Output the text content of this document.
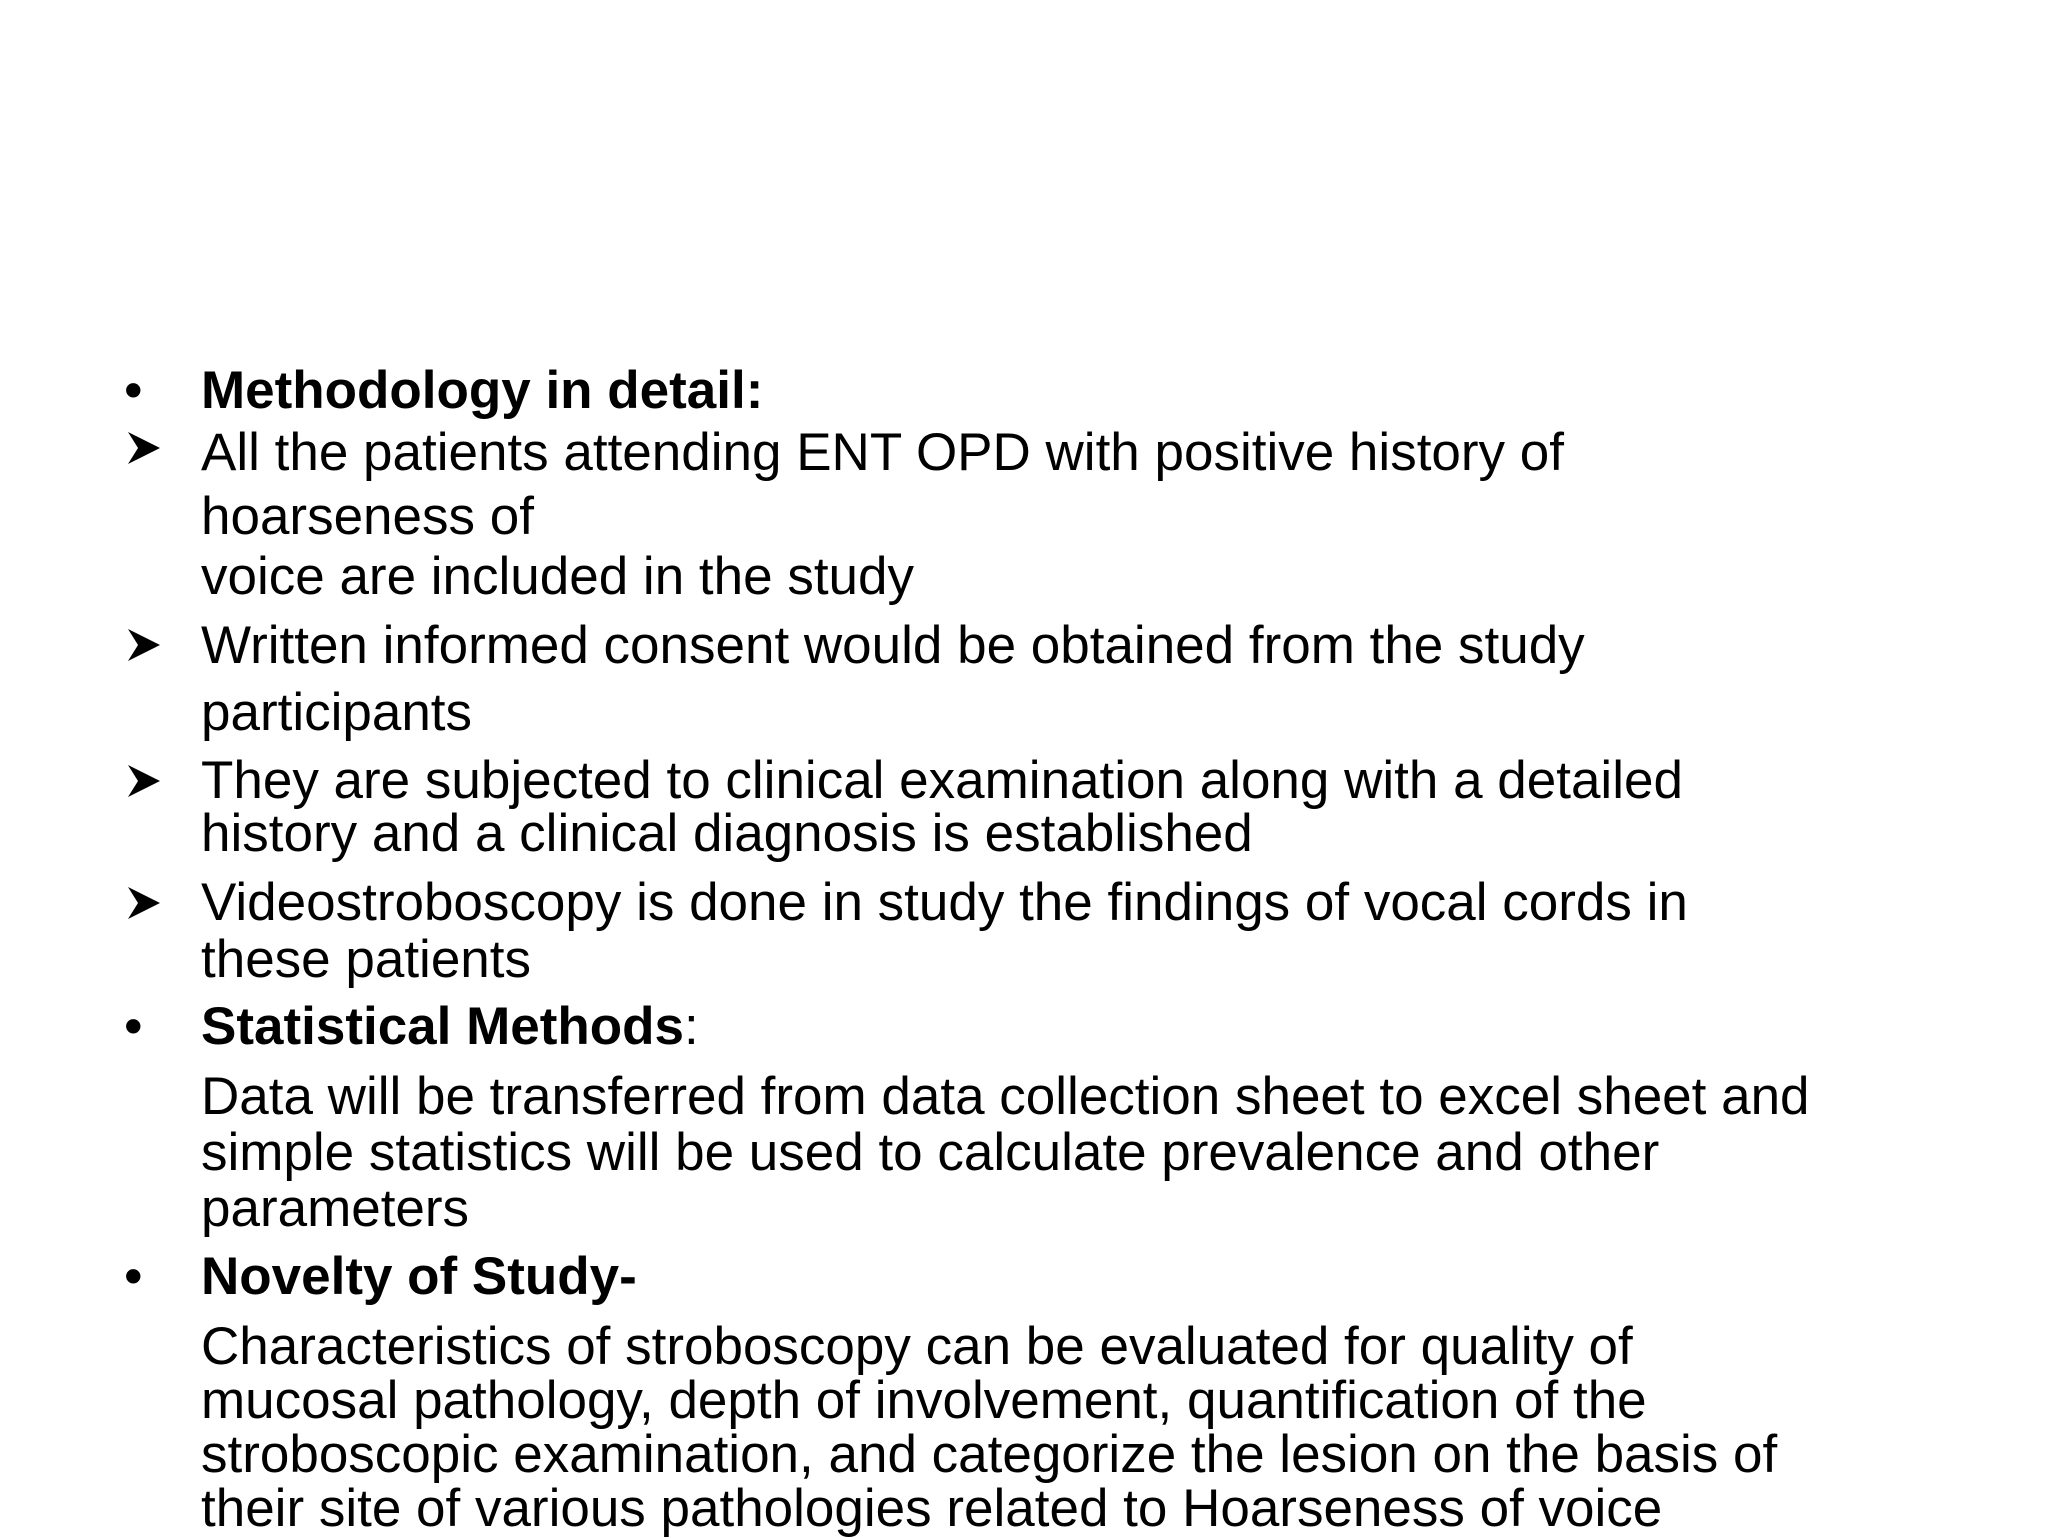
• Methodology in detail:
All the patients attending ENT OPD with positive history of
hoarseness of
voice are included in the study
Written informed consent would be obtained from the study
participants
They are subjected to clinical examination along with a detailed
history and a clinical diagnosis is established
Videostroboscopy is done in study the findings of vocal cords in
these patients
• Statistical Methods:
Data will be transferred from data collection sheet to excel sheet and
simple statistics will be used to calculate prevalence and other
parameters
• Novelty of Study-
Characteristics of stroboscopy can be evaluated for quality of
mucosal pathology, depth of involvement, quantification of the
stroboscopic examination, and categorize the lesion on the basis of
their site of various pathologies related to Hoarseness of voice
